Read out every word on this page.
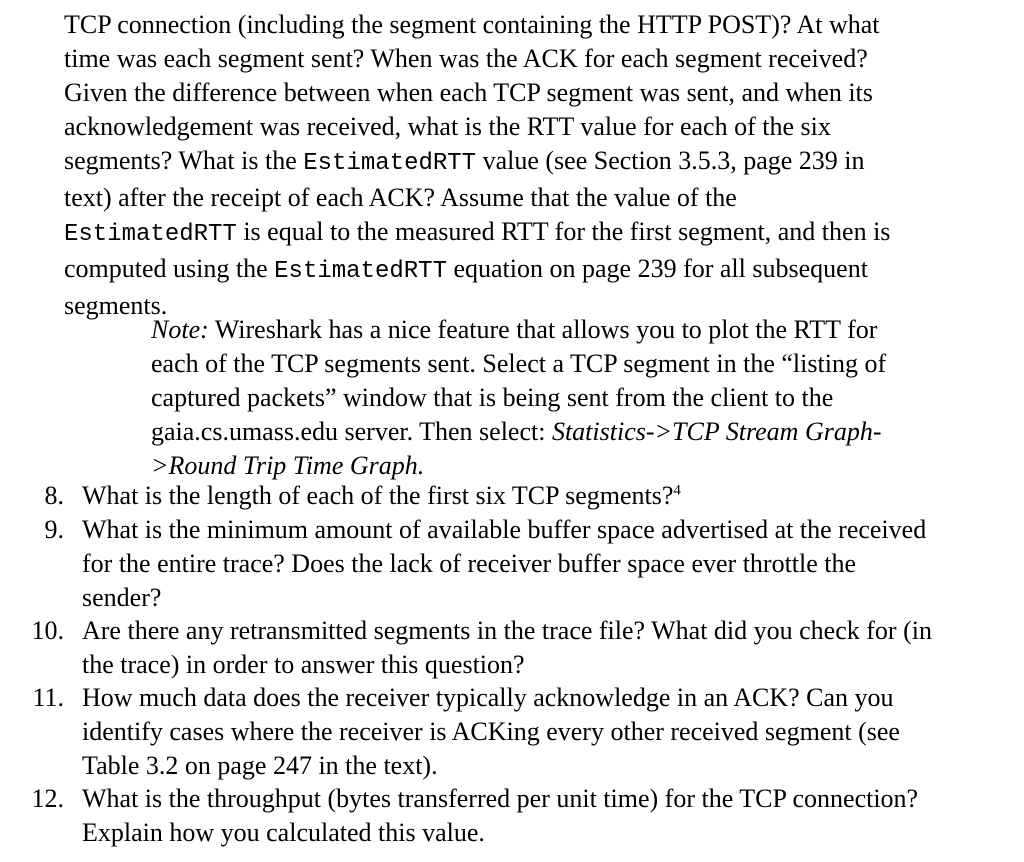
TCP connection (including the segment containing the HTTP POST)? At what
time was each segment sent? When was the ACK for each segment received?
Given the difference between when each TCP segment was sent, and when its
acknowledgement was received, what is the RTT value for each of the six
segments? What is the EstimatedRTT value (see Section 3.5.3, page 239 in
text) after the receipt of each ACK? Assume that the value of the
EstimatedRTT is equal to the measured RTT for the first segment, and then is
computed using the EstimatedRTT equation on page 239 for all subsequent
segments.
Note: Wireshark has a nice feature that allows you to plot the RTT for
each of the TCP segments sent. Select a TCP segment in the “listing of
captured packets” window that is being sent from the client to the
gaia.cs.umass.edu server. Then select: Statistics->TCP Stream Graph-
>Round Trip Time Graph.
8. What is the length of each of the first six TCP segments?$^4$
9. What is the minimum amount of available buffer space advertised at the received
for the entire trace? Does the lack of receiver buffer space ever throttle the
sender?
10. Are there any retransmitted segments in the trace file? What did you check for (in
the trace) in order to answer this question?
11. How much data does the receiver typically acknowledge in an ACK? Can you
identify cases where the receiver is ACKing every other received segment (see
Table 3.2 on page 247 in the text).
12. What is the throughput (bytes transferred per unit time) for the TCP connection?
Explain how you calculated this value.
